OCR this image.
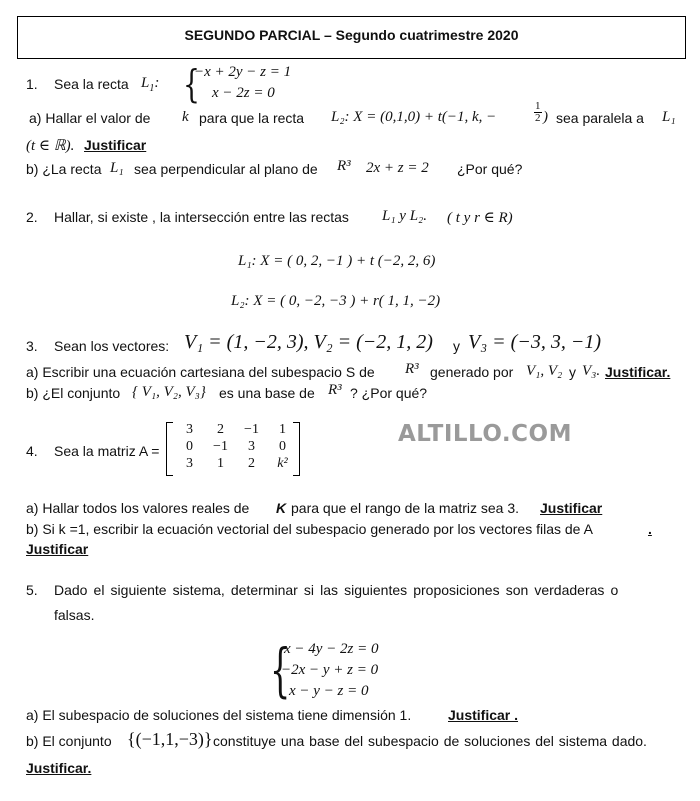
SEGUNDO PARCIAL – Segundo cuatrimestre 2020
1. Sea la recta $L_1$: {
−x + 2y − z = 1
x − 2z = 0
a) Hallar el valor de k para que la recta L₂: X = (0,1,0) + t(−1, k, −
1
2 ) sea paralela a L₁
(t ∈ ℝ). Justificar
b) ¿La recta L₁ sea perpendicular al plano de R³ 2x + z = 2 ¿Por qué?
2. Hallar, si existe , la intersección entre las rectas L₁ y L₂. ( t y r ∈ R)
L₁: X = ( 0, 2, −1 ) + t (−2, 2, 6)
L₂: X = ( 0, −2, −3 ) + r( 1, 1, −2)
3. Sean los vectores: V₁ = (1, −2, 3), V₂ = (−2, 1, 2) y V₃ = (−3, 3, −1)
a) Escribir una ecuación cartesiana del subespacio S de R³ generado por V₁, V₂ y V₃. Justificar.
b) ¿El conjunto { V₁, V₂, V₃} es una base de R³ ? ¿Por qué?
4. Sea la matriz A =
3	2	−1	1
0	−1	3	0
3	1	2	k²
ALTILLO.COM
a) Hallar todos los valores reales de K para que el rango de la matriz sea 3. Justificar
b) Si k =1, escribir la ecuación vectorial del subespacio generado por los vectores filas de A	.
Justificar
5. Dado el siguiente sistema, determinar si las siguientes proposiciones son verdaderas o
falsas.
{
x − 4y − 2z = 0
−2x − y + z = 0
x − y − z = 0
a) El subespacio de soluciones del sistema tiene dimensión 1.	Justificar .
b) El conjunto {(−1,1,−3)} constituye una base del subespacio de soluciones del sistema dado.
Justificar.
